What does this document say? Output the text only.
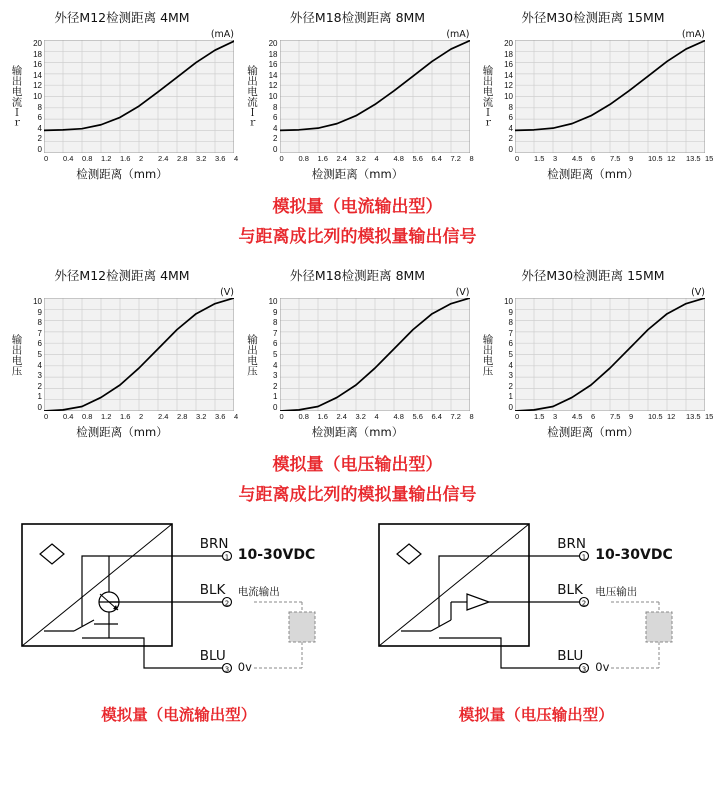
外径M12检测距离 4MM
(mA)
输出电流Ｉｒ
20
18
16
14
12
10
8
6
4
2
0
0 0.4 0.8 1.2 1.6 2 2.4 2.8 3.2 3.6 4
检测距离（mm）
外径M18检测距离 8MM
(mA)
输出电流Ｉｒ
20
18
16
14
12
10
8
6
4
2
0
0 0.8 1.6 2.4 3.2 4 4.8 5.6 6.4 7.2 8
检测距离（mm）
外径M30检测距离 15MM
(mA)
输出电流Ｉｒ
20
18
16
14
12
10
8
6
4
2
0
0 1.5 3 4.5 6 7.5 9 10.5 12 13.5 15
检测距离（mm）
模拟量（电流输出型）
与距离成比列的模拟量输出信号
外径M12检测距离 4MM
(V)
输出电压
10
9
8
7
6
5
4
3
2
1
0
0 0.4 0.8 1.2 1.6 2 2.4 2.8 3.2 3.6 4
检测距离（mm）
外径M18检测距离 8MM
(V)
输出电压
10
9
8
7
6
5
4
3
2
1
0
0 0.8 1.6 2.4 3.2 4 4.8 5.6 6.4 7.2 8
检测距离（mm）
外径M30检测距离 15MM
(V)
输出电压
10
9
8
7
6
5
4
3
2
1
0
0 1.5 3 4.5 6 7.5 9 10.5 12 13.5 15
检测距离（mm）
模拟量（电压输出型）
与距离成比列的模拟量输出信号
1
2
3
BRN
10-30VDC
BLK 电流输出
BLU
0v
模拟量（电流输出型）
1
2
3
BRN
10-30VDC
BLK 电压输出
BLU
0v
模拟量（电压输出型）
